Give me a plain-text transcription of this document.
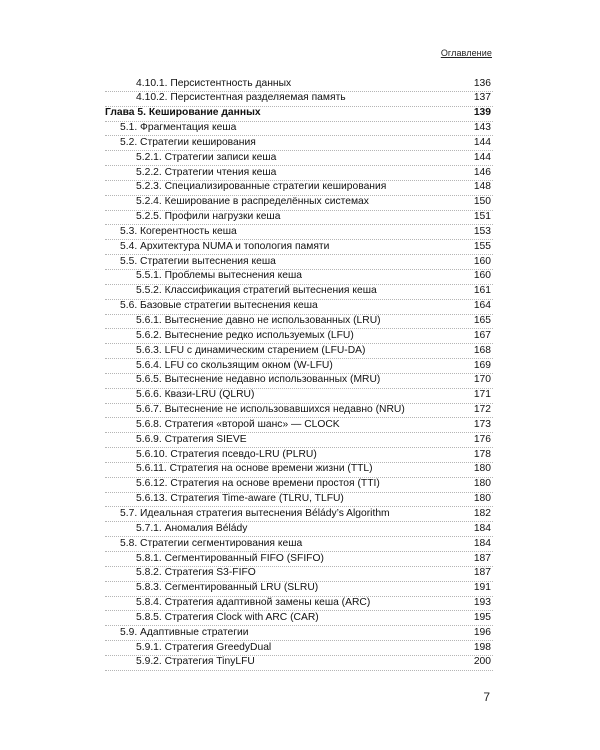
Оглавление
4.10.1. Персистентность данных	136
4.10.2. Персистентная разделяемая память	137
Глава 5. Кеширование данных	139
5.1. Фрагментация кеша	143
5.2. Стратегии кеширования	144
5.2.1. Стратегии записи кеша	144
5.2.2. Стратегии чтения кеша	146
5.2.3. Специализированные стратегии кеширования	148
5.2.4. Кеширование в распределённых системах	150
5.2.5. Профили нагрузки кеша	151
5.3. Когерентность кеша	153
5.4. Архитектура NUMA и топология памяти	155
5.5. Стратегии вытеснения кеша	160
5.5.1. Проблемы вытеснения кеша	160
5.5.2. Классификация стратегий вытеснения кеша	161
5.6. Базовые стратегии вытеснения кеша	164
5.6.1. Вытеснение давно не использованных (LRU)	165
5.6.2. Вытеснение редко используемых (LFU)	167
5.6.3. LFU с динамическим старением (LFU-DA)	168
5.6.4. LFU со скользящим окном (W-LFU)	169
5.6.5. Вытеснение недавно использованных (MRU)	170
5.6.6. Квази-LRU (QLRU)	171
5.6.7. Вытеснение не использовавшихся недавно (NRU)	172
5.6.8. Стратегия «второй шанс» — CLOCK	173
5.6.9. Стратегия SIEVE	176
5.6.10. Стратегия псевдо-LRU (PLRU)	178
5.6.11. Стратегия на основе времени жизни (TTL)	180
5.6.12. Стратегия на основе времени простоя (TTI)	180
5.6.13. Стратегия Time-aware (TLRU, TLFU)	180
5.7. Идеальная стратегия вытеснения Bélády’s Algorithm	182
5.7.1. Аномалия Bélády	184
5.8. Стратегии сегментирования кеша	184
5.8.1. Сегментированный FIFO (SFIFO)	187
5.8.2. Стратегия S3-FIFO	187
5.8.3. Сегментированный LRU (SLRU)	191
5.8.4. Стратегия адаптивной замены кеша (ARC)	193
5.8.5. Стратегия Clock with ARC (CAR)	195
5.9. Адаптивные стратегии	196
5.9.1. Стратегия GreedyDual	198
5.9.2. Стратегия TinyLFU	200
7
